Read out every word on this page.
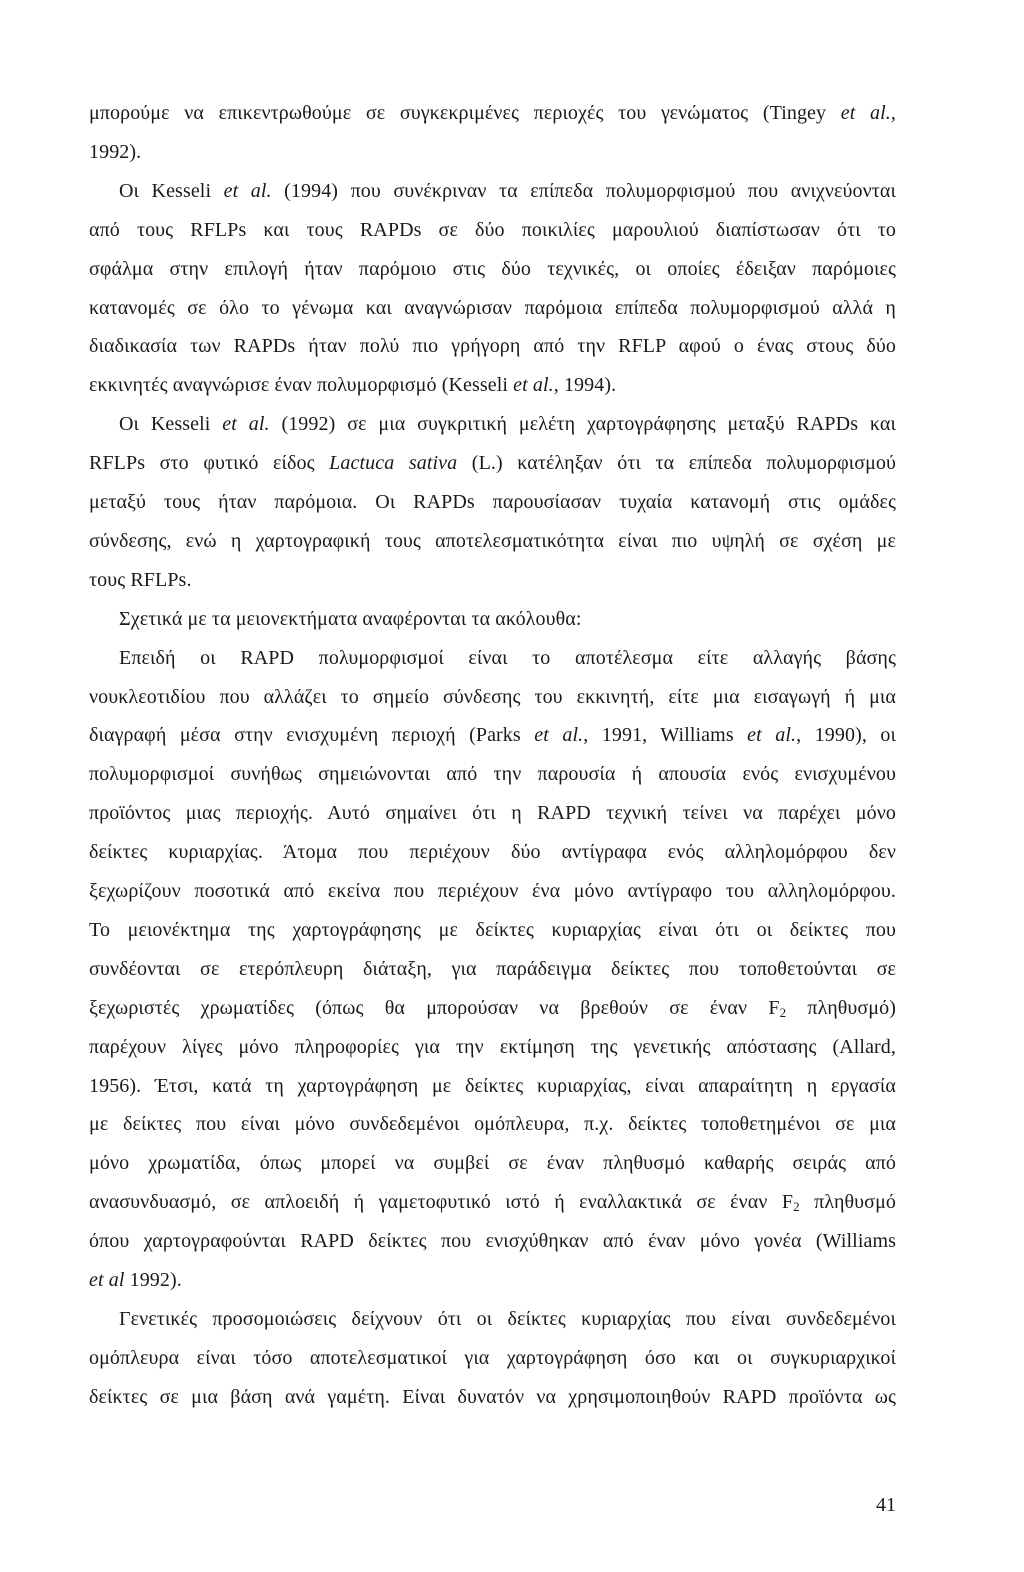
μπορούμε να επικεντρωθούμε σε συγκεκριμένες περιοχές του γενώματος (Tingey et al.,
1992).
Οι Kesseli et al. (1994) που συνέκριναν τα επίπεδα πολυμορφισμού που ανιχνεύονται
από τους RFLPs και τους RAPDs σε δύο ποικιλίες μαρουλιού διαπίστωσαν ότι το
σφάλμα στην επιλογή ήταν παρόμοιο στις δύο τεχνικές, οι οποίες έδειξαν παρόμοιες
κατανομές σε όλο το γένωμα και αναγνώρισαν παρόμοια επίπεδα πολυμορφισμού αλλά η
διαδικασία των RAPDs ήταν πολύ πιο γρήγορη από την RFLP αφού ο ένας στους δύο
εκκινητές αναγνώρισε έναν πολυμορφισμό (Kesseli et al., 1994).
Οι Kesseli et al. (1992) σε μια συγκριτική μελέτη χαρτογράφησης μεταξύ RAPDs και
RFLPs στο φυτικό είδος Lactuca sativa (L.) κατέληξαν ότι τα επίπεδα πολυμορφισμού
μεταξύ τους ήταν παρόμοια. Οι RAPDs παρουσίασαν τυχαία κατανομή στις ομάδες
σύνδεσης, ενώ η χαρτογραφική τους αποτελεσματικότητα είναι πιο υψηλή σε σχέση με
τους RFLPs.
Σχετικά με τα μειονεκτήματα αναφέρονται τα ακόλουθα:
Επειδή οι RAPD πολυμορφισμοί είναι το αποτέλεσμα είτε αλλαγής βάσης
νουκλεοτιδίου που αλλάζει το σημείο σύνδεσης του εκκινητή, είτε μια εισαγωγή ή μια
διαγραφή μέσα στην ενισχυμένη περιοχή (Parks et al., 1991, Williams et al., 1990), οι
πολυμορφισμοί συνήθως σημειώνονται από την παρουσία ή απουσία ενός ενισχυμένου
προϊόντος μιας περιοχής. Αυτό σημαίνει ότι η RAPD τεχνική τείνει να παρέχει μόνο
δείκτες κυριαρχίας. Άτομα που περιέχουν δύο αντίγραφα ενός αλληλομόρφου δεν
ξεχωρίζουν ποσοτικά από εκείνα που περιέχουν ένα μόνο αντίγραφο του αλληλομόρφου.
Το μειονέκτημα της χαρτογράφησης με δείκτες κυριαρχίας είναι ότι οι δείκτες που
συνδέονται σε ετερόπλευρη διάταξη, για παράδειγμα δείκτες που τοποθετούνται σε
ξεχωριστές χρωματίδες (όπως θα μπορούσαν να βρεθούν σε έναν $F_2$ πληθυσμό)
παρέχουν λίγες μόνο πληροφορίες για την εκτίμηση της γενετικής απόστασης (Allard,
1956). Έτσι, κατά τη χαρτογράφηση με δείκτες κυριαρχίας, είναι απαραίτητη η εργασία
με δείκτες που είναι μόνο συνδεδεμένοι ομόπλευρα, π.χ. δείκτες τοποθετημένοι σε μια
μόνο χρωματίδα, όπως μπορεί να συμβεί σε έναν πληθυσμό καθαρής σειράς από
ανασυνδυασμό, σε απλοειδή ή γαμετοφυτικό ιστό ή εναλλακτικά σε έναν $F_2$ πληθυσμό
όπου χαρτογραφούνται RAPD δείκτες που ενισχύθηκαν από έναν μόνο γονέα (Williams
et al 1992).
Γενετικές προσομοιώσεις δείχνουν ότι οι δείκτες κυριαρχίας που είναι συνδεδεμένοι
ομόπλευρα είναι τόσο αποτελεσματικοί για χαρτογράφηση όσο και οι συγκυριαρχικοί
δείκτες σε μια βάση ανά γαμέτη. Είναι δυνατόν να χρησιμοποιηθούν RAPD προϊόντα ως
41
